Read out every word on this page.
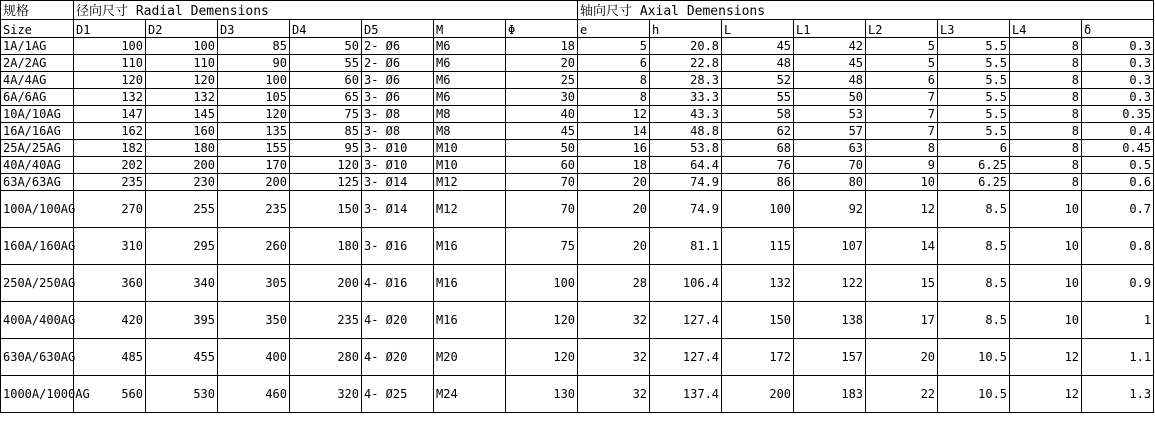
规格	径向尺寸 Radial Demensions							轴向尺寸 Axial Demensions							
Size	D1	D2	D3	D4	D5	M	Φ	e	h	L	L1	L2	L3	L4	δ
1A/1AG	100	100	85	50	2- Ø6	M6	18	5	20.8	45	42	5	5.5	8	0.3
2A/2AG	110	110	90	55	2- Ø6	M6	20	6	22.8	48	45	5	5.5	8	0.3
4A/4AG	120	120	100	60	3- Ø6	M6	25	8	28.3	52	48	6	5.5	8	0.3
6A/6AG	132	132	105	65	3- Ø6	M6	30	8	33.3	55	50	7	5.5	8	0.3
10A/10AG	147	145	120	75	3- Ø8	M8	40	12	43.3	58	53	7	5.5	8	0.35
16A/16AG	162	160	135	85	3- Ø8	M8	45	14	48.8	62	57	7	5.5	8	0.4
25A/25AG	182	180	155	95	3- Ø10	M10	50	16	53.8	68	63	8	6	8	0.45
40A/40AG	202	200	170	120	3- Ø10	M10	60	18	64.4	76	70	9	6.25	8	0.5
63A/63AG	235	230	200	125	3- Ø14	M12	70	20	74.9	86	80	10	6.25	8	0.6
100A/100AG	270	255	235	150	3- Ø14	M12	70	20	74.9	100	92	12	8.5	10	0.7
160A/160AG	310	295	260	180	3- Ø16	M16	75	20	81.1	115	107	14	8.5	10	0.8
250A/250AG	360	340	305	200	4- Ø16	M16	100	28	106.4	132	122	15	8.5	10	0.9
400A/400AG	420	395	350	235	4- Ø20	M16	120	32	127.4	150	138	17	8.5	10	1
630A/630AG	485	455	400	280	4- Ø20	M20	120	32	127.4	172	157	20	10.5	12	1.1
1000A/1000AG	560	530	460	320	4- Ø25	M24	130	32	137.4	200	183	22	10.5	12	1.3
